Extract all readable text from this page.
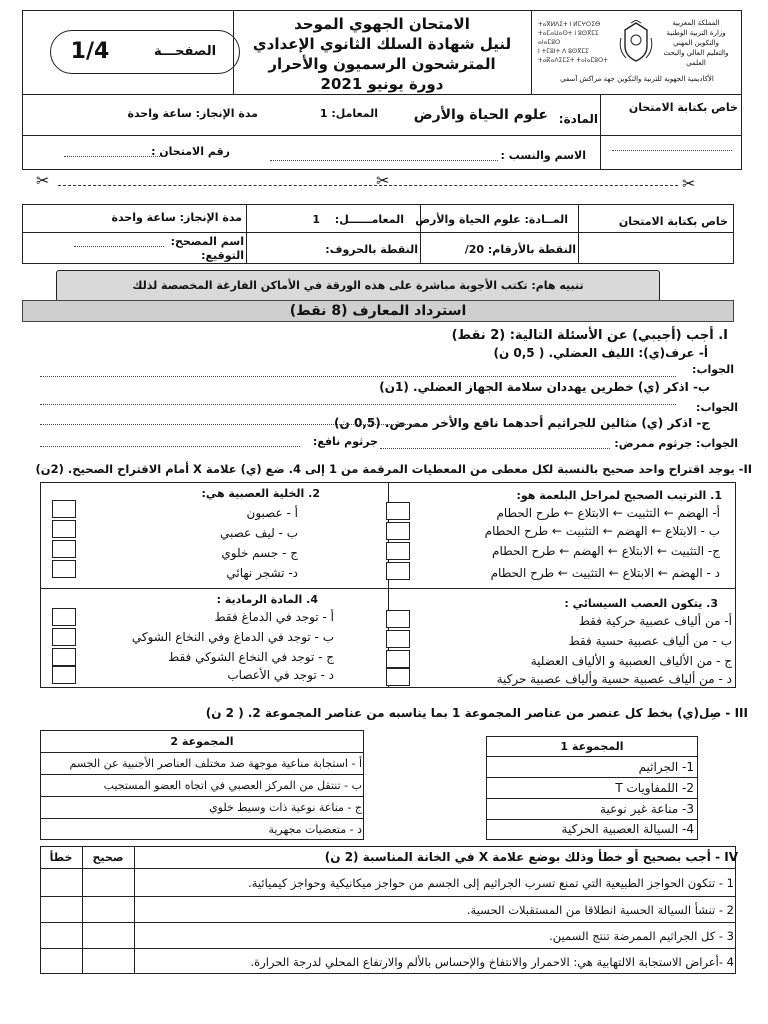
1/4	الصفحـــة
الامتحان الجهوي الموحد
لنيل شهادة السلك الثانوي الإعدادي
المترشحون الرسميون والأحرار
دورة يونيو 2021
ⵜⴰⴳⵍⴷⵉⵜ ⵏ ⵍⵎⵖⵔⵉⴱ
ⵜⴰⵎⴰⵡⴰⵙⵜ ⵏ ⵓⵙⴳⵎⵉ ⴰⵏⴰⵎⵓⵔ
ⵏ ⵜⵎⵓⵏⵜ ⴷ ⵓⵙⴳⵎⵉ
ⵜⴰⴽⴰⴷⵉⵎⵉⵜ ⵜⴰⵏⴰⵎⵓⵔⵜ
المملكة المغربية
وزارة التربية الوطنية
والتكوين المهني
والتعليم العالي والبحث العلمي
الأكاديمية الجهوية للتربية والتكوين جهة مراكش آسفي
مدة الإنجاز: ساعة واحدة	المعامل: 1	المادة:
علوم الحياة والأرض	خاص بكتابة الامتحان
رقم الامتحان :	الاسم والنسب :
✂	✂	✂
مدة الإنجاز: ساعة واحدة	المعامــــــل:
1	المــادة: علوم الحياة والأرض	خاص بكتابة الامتحان
اسم المصحح:
التوقيع:	النقطة بالحروف:	النقطة بالأرقام: 20/
تنبيه هام: تكتب الأجوبة مباشرة على هذه الورقة في الأماكن الفارغة المخصصة لذلك
استرداد المعارف (8 نقط)
I. أجب (أجيبي) عن الأسئلة التالية: (2 نقط)
أ- عرف(ي): الليف العضلي. ( 0,5 ن)
الجواب:
ب- اذكر (ي) خطرين يهددان سلامة الجهاز العضلي. (1ن)
الجواب:
ج- اذكر (ي) مثالين للجراثيم أحدهما نافع والأخر ممرض. (0,5 ن)
الجواب: جرثوم ممرض:
جرثوم نافع:
II- يوجد اقتراح واحد صحيح بالنسبة لكل معطى من المعطيات المرقمة من 1 إلى 4. ضع (ي) علامة X أمام الاقتراح الصحيح. (2ن)
1. الترتيب الصحيح لمراحل البلعمة هو:
أ- الهضم ← التثبيت ← الابتلاع ← طرح الحطام
ب - الابتلاع ← الهضم ← التثبيت ← طرح الحطام
ج- التثبيت ← الابتلاع ← الهضم ← طرح الحطام
د - الهضم ← الابتلاع ← التثبيت ← طرح الحطام
2. الخلية العصبية هي:
أ - عصبون
ب - ليف عصبي
ج - جسم خلوي
د- تشجر نهائي
3. يتكون العصب السيسائي :
أ- من ألياف عصبية حركية فقط
ب - من ألياف عصبية حسية فقط
ج - من الألياف العصبية و الألياف العضلية
د - من ألياف عصبية حسية وألياف عصبية حركية
4. المادة الرمادية :
أ - توجد في الدماغ فقط
ب - توجد في الدماغ وفي النخاع الشوكي
ج - توجد في النخاع الشوكي فقط
د - توجد في الأعصاب
III - صِل(ي) بخط كل عنصر من عناصر المجموعة 1 بما يناسبه من عناصر المجموعة 2. ( 2 ن)
المجموعة 2
أ - استجابة مناعية موجهة ضد مختلف العناصر الأجنبية عن الجسم
ب - تنتقل من المركز العصبي في اتجاه العضو المستجيب
ج - مناعة نوعية ذات وسيط خلوي
د - متعضيات مجهرية
المجموعة 1
1- الجراثيم
2- اللمفاويات T
3- مناعة غير نوعية
4- السيالة العصبية الحركية
IV - أجب بصحيح أو خطأ وذلك بوضع علامة X في الخانة المناسبة (2 ن)
صحيح
خطأ
1 - تتكون الحواجز الطبيعية التي تمنع تسرب الجراثيم إلى الجسم من حواجز ميكانيكية وحواجز كيميائية.
2 - تنشأ السيالة الحسية انطلاقا من المستقبلات الحسية.
3 - كل الجراثيم الممرضة تنتج السمين.
4 -أعراض الاستجابة الالتهابية هي: الاحمرار والانتفاخ والإحساس بالألم والارتفاع المحلي لدرجة الحرارة.
